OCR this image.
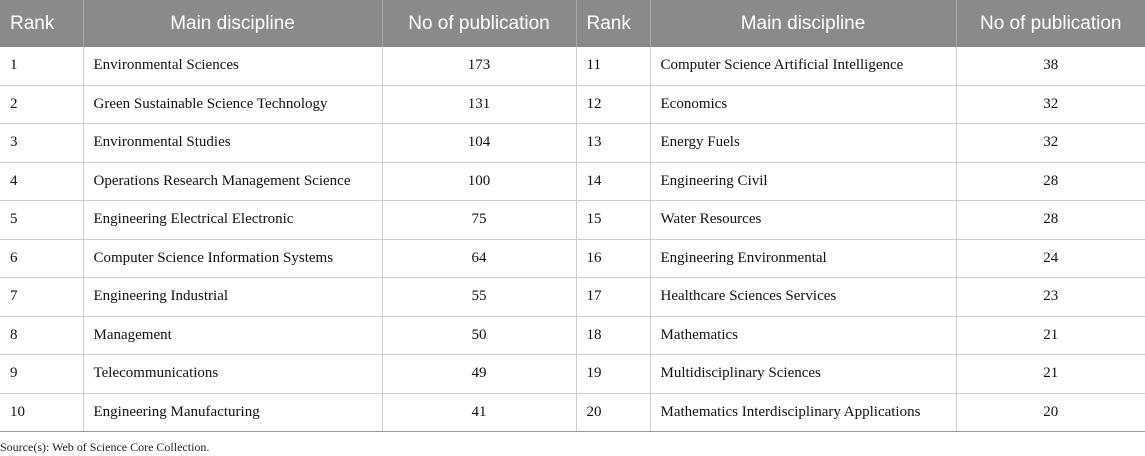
Rank	Main discipline	No of publication	Rank	Main discipline	No of publication
1	Environmental Sciences	173	11	Computer Science Artificial Intelligence	38
2	Green Sustainable Science Technology	131	12	Economics	32
3	Environmental Studies	104	13	Energy Fuels	32
4	Operations Research Management Science	100	14	Engineering Civil	28
5	Engineering Electrical Electronic	75	15	Water Resources	28
6	Computer Science Information Systems	64	16	Engineering Environmental	24
7	Engineering Industrial	55	17	Healthcare Sciences Services	23
8	Management	50	18	Mathematics	21
9	Telecommunications	49	19	Multidisciplinary Sciences	21
10	Engineering Manufacturing	41	20	Mathematics Interdisciplinary Applications	20
Source(s): Web of Science Core Collection.
